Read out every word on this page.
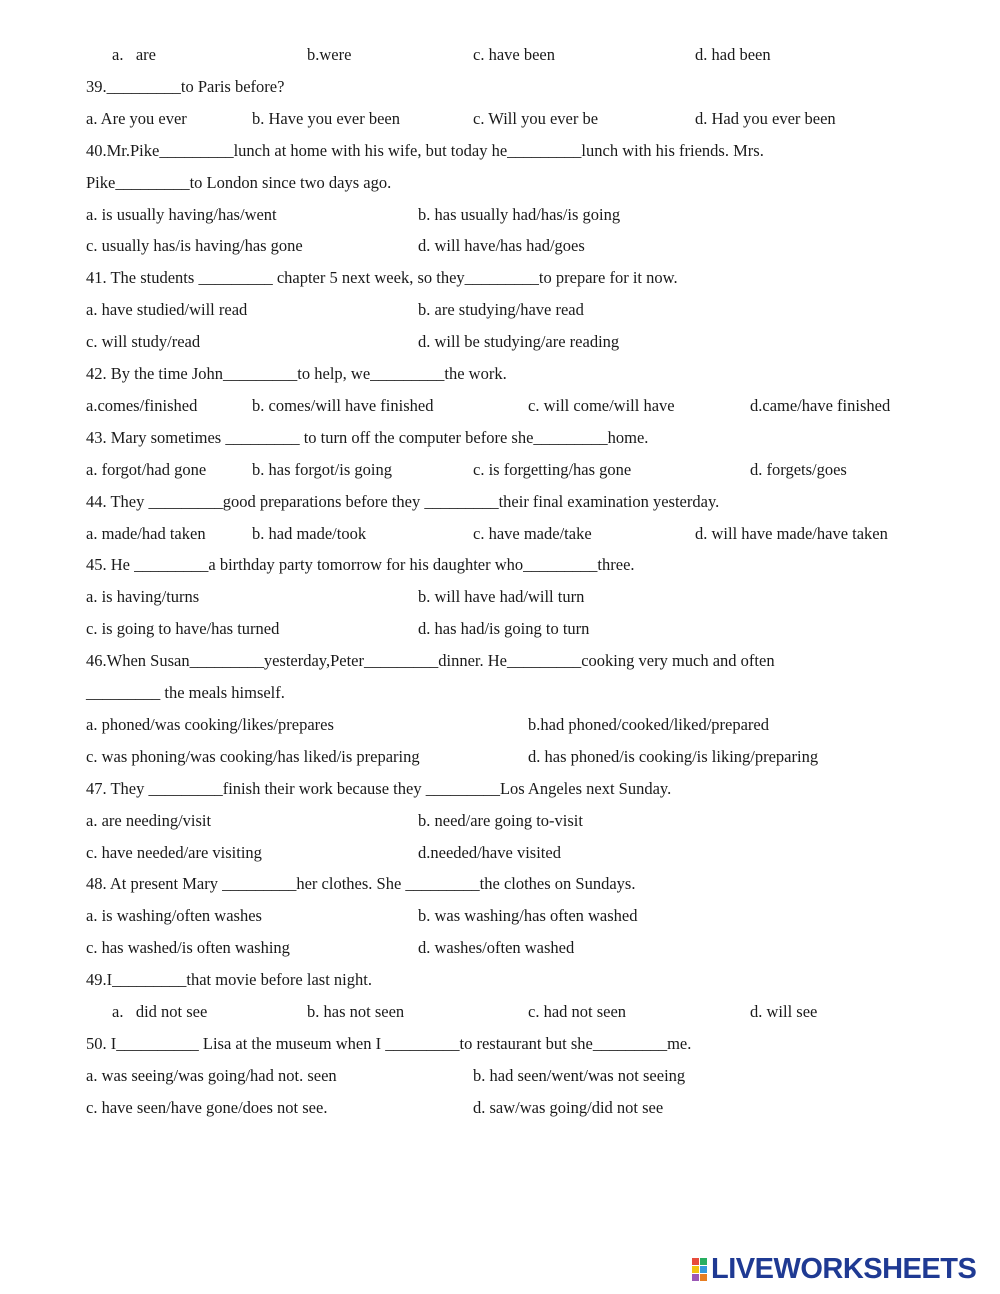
a.   are	b.were	c. have been	d. had been
39._________to Paris before?
a. Are you ever	b. Have you ever been	c. Will you ever be	d. Had you ever been
40.Mr.Pike_________lunch at home with his wife, but today he_________lunch with his friends. Mrs.
Pike_________to London since two days ago.
a. is usually having/has/went	b. has usually had/has/is going
c. usually has/is having/has gone	d. will have/has had/goes
41. The students _________ chapter 5 next week, so they_________to prepare for it now.
a. have studied/will read	b. are studying/have read
c. will study/read	d. will be studying/are reading
42. By the time John_________to help, we_________the work.
a.comes/finished	b. comes/will have finished	c. will come/will have	d.came/have finished
43. Mary sometimes _________ to turn off the computer before she_________home.
a. forgot/had gone	b. has forgot/is going	c. is forgetting/has gone	d. forgets/goes
44. They _________good preparations before they _________their final examination yesterday.
a. made/had taken	b. had made/took	c. have made/take	d. will have made/have taken
45. He _________a birthday party tomorrow for his daughter who_________three.
a. is having/turns	b. will have had/will turn
c. is going to have/has turned	d. has had/is going to turn
46.When Susan_________yesterday,Peter_________dinner. He_________cooking very much and often
_________ the meals himself.
a. phoned/was cooking/likes/prepares	b.had phoned/cooked/liked/prepared
c. was phoning/was cooking/has liked/is preparing	d. has phoned/is cooking/is liking/preparing
47. They _________finish their work because they _________Los Angeles next Sunday.
a. are needing/visit	b. need/are going to-visit
c. have needed/are visiting	d.needed/have visited
48. At present Mary _________her clothes. She _________the clothes on Sundays.
a. is washing/often washes	b. was washing/has often washed
c. has washed/is often washing	d. washes/often washed
49.I_________that movie before last night.
a.   did not see	b. has not seen	c. had not seen	d. will see
50. I__________ Lisa at the museum when I _________to restaurant but she_________me.
a. was seeing/was going/had not. seen	b. had seen/went/was not seeing
c. have seen/have gone/does not see.	d. saw/was going/did not see
LIVEWORKSHEETS
